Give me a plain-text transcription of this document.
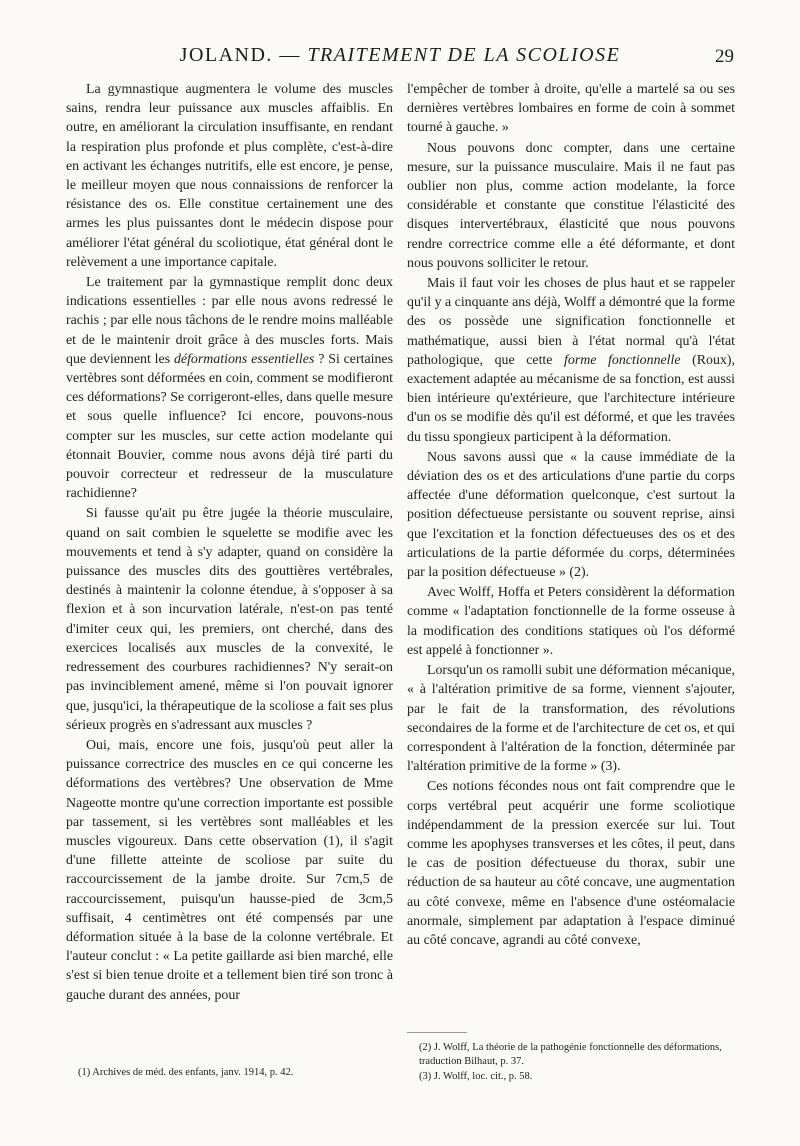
JOLAND. — TRAITEMENT DE LA SCOLIOSE	29

La gymnastique augmentera le volume des muscles sains, rendra leur puissance aux muscles affaiblis. En outre, en améliorant la circulation insuffisante, en rendant la respiration plus profonde et plus complète, c'est-à-dire en activant les échanges nutritifs, elle est encore, je pense, le meilleur moyen que nous connaissions de renforcer la résistance des os. Elle constitue certainement une des armes les plus puissantes dont le médecin dispose pour améliorer l'état général du scoliotique, état général dont le relèvement a une importance capitale.

Le traitement par la gymnastique remplit donc deux indications essentielles : par elle nous avons redressé le rachis ; par elle nous tâchons de le rendre moins malléable et de le maintenir droit grâce à des muscles forts. Mais que deviennent les déformations essentielles ? Si certaines vertèbres sont déformées en coin, comment se modifieront ces déformations? Se corrigeront-elles, dans quelle mesure et sous quelle influence? Ici encore, pouvons-nous compter sur les muscles, sur cette action modelante qui étonnait Bouvier, comme nous avons déjà tiré parti du pouvoir correcteur et redresseur de la musculature rachidienne?

Si fausse qu'ait pu être jugée la théorie musculaire, quand on sait combien le squelette se modifie avec les mouvements et tend à s'y adapter, quand on considère la puissance des muscles dits des gouttières vertébrales, destinés à maintenir la colonne étendue, à s'opposer à sa flexion et à son incurvation latérale, n'est-on pas tenté d'imiter ceux qui, les premiers, ont cherché, dans des exercices localisés aux muscles de la convexité, le redressement des courbures rachidiennes? N'y serait-on pas invinciblement amené, même si l'on pouvait ignorer que, jusqu'ici, la thérapeutique de la scoliose a fait ses plus sérieux progrès en s'adressant aux muscles ?

Oui, mais, encore une fois, jusqu'où peut aller la puissance correctrice des muscles en ce qui concerne les déformations des vertèbres? Une observation de Mme Nageotte montre qu'une correction importante est possible par tassement, si les vertèbres sont malléables et les muscles vigoureux. Dans cette observation (1), il s'agit d'une fillette atteinte de scoliose par suite du raccourcissement de la jambe droite. Sur 7cm,5 de raccourcissement, puisqu'un hausse-pied de 3cm,5 suffisait, 4 centimètres ont été compensés par une déformation située à la base de la colonne vertébrale. Et l'auteur conclut : « La petite gaillarde asi bien marché, elle s'est si bien tenue droite et a tellement bien tiré son tronc à gauche durant des années, pour

l'empêcher de tomber à droite, qu'elle a martelé sa ou ses dernières vertèbres lombaires en forme de coin à sommet tourné à gauche. »

Nous pouvons donc compter, dans une certaine mesure, sur la puissance musculaire. Mais il ne faut pas oublier non plus, comme action modelante, la force considérable et constante que constitue l'élasticité des disques intervertébraux, élasticité que nous pouvons rendre correctrice comme elle a été déformante, et dont nous pouvons solliciter le retour.

Mais il faut voir les choses de plus haut et se rappeler qu'il y a cinquante ans déjà, Wolff a démontré que la forme des os possède une signification fonctionnelle et mathématique, aussi bien à l'état normal qu'à l'état pathologique, que cette forme fonctionnelle (Roux), exactement adaptée au mécanisme de sa fonction, est aussi bien intérieure qu'extérieure, que l'architecture intérieure d'un os se modifie dès qu'il est déformé, et que les travées du tissu spongieux participent à la déformation.

Nous savons aussi que « la cause immédiate de la déviation des os et des articulations d'une partie du corps affectée d'une déformation quelconque, c'est surtout la position défectueuse persistante ou souvent reprise, ainsi que l'excitation et la fonction défectueuses des os et des articulations de la partie déformée du corps, déterminées par la position défectueuse » (2).

Avec Wolff, Hoffa et Peters considèrent la déformation comme « l'adaptation fonctionnelle de la forme osseuse à la modification des conditions statiques où l'os déformé est appelé à fonctionner ».

Lorsqu'un os ramolli subit une déformation mécanique, « à l'altération primitive de sa forme, viennent s'ajouter, par le fait de la transformation, des révolutions secondaires de la forme et de l'architecture de cet os, et qui correspondent à l'altération de la fonction, déterminée par l'altération primitive de la forme » (3).

Ces notions fécondes nous ont fait comprendre que le corps vertébral peut acquérir une forme scoliotique indépendamment de la pression exercée sur lui. Tout comme les apophyses transverses et les côtes, il peut, dans le cas de position défectueuse du thorax, subir une réduction de sa hauteur au côté concave, une augmentation au côté convexe, même en l'absence d'une ostéomalacie anormale, simplement par adaptation à l'espace diminué au côté concave, agrandi au côté convexe,

(2) J. Wolff, La théorie de la pathogénie fonctionnelle des déformations, traduction Bilhaut, p. 37.

(3) J. Wolff, loc. cit., p. 58.

(1) Archives de méd. des enfants, janv. 1914, p. 42.
